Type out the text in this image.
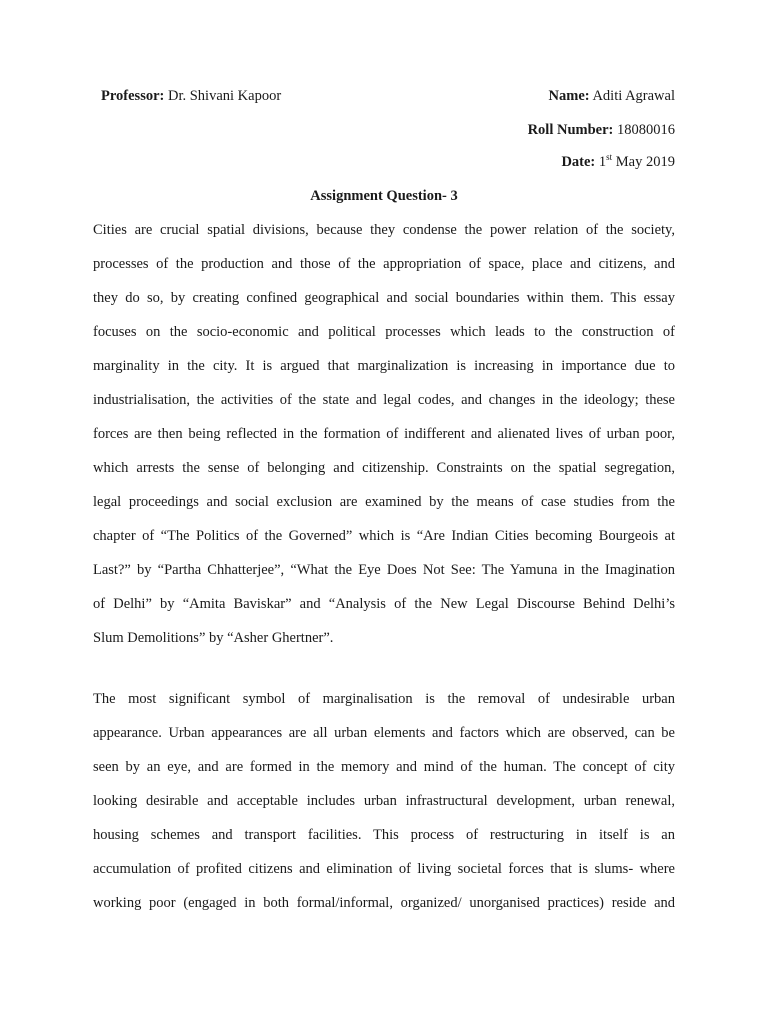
Professor: Dr. Shivani Kapoor	Name: Aditi Agrawal
Roll Number: 18080016
Date: 1st May 2019
Assignment Question- 3
Cities are crucial spatial divisions, because they condense the power relation of the society,
processes of the production and those of the appropriation of space, place and citizens, and
they do so, by creating confined geographical and social boundaries within them. This essay
focuses on the socio-economic and political processes which leads to the construction of
marginality in the city. It is argued that marginalization is increasing in importance due to
industrialisation, the activities of the state and legal codes, and changes in the ideology; these
forces are then being reflected in the formation of indifferent and alienated lives of urban poor,
which arrests the sense of belonging and citizenship. Constraints on the spatial segregation,
legal proceedings and social exclusion are examined by the means of case studies from the
chapter of “The Politics of the Governed” which is “Are Indian Cities becoming Bourgeois at
Last?” by “Partha Chhatterjee”, “What the Eye Does Not See: The Yamuna in the Imagination
of Delhi” by “Amita Baviskar” and “Analysis of the New Legal Discourse Behind Delhi’s
Slum Demolitions” by “Asher Ghertner”.
The most significant symbol of marginalisation is the removal of undesirable urban
appearance. Urban appearances are all urban elements and factors which are observed, can be
seen by an eye, and are formed in the memory and mind of the human. The concept of city
looking desirable and acceptable includes urban infrastructural development, urban renewal,
housing schemes and transport facilities. This process of restructuring in itself is an
accumulation of profited citizens and elimination of living societal forces that is slums- where
working poor (engaged in both formal/informal, organized/ unorganised practices) reside and
